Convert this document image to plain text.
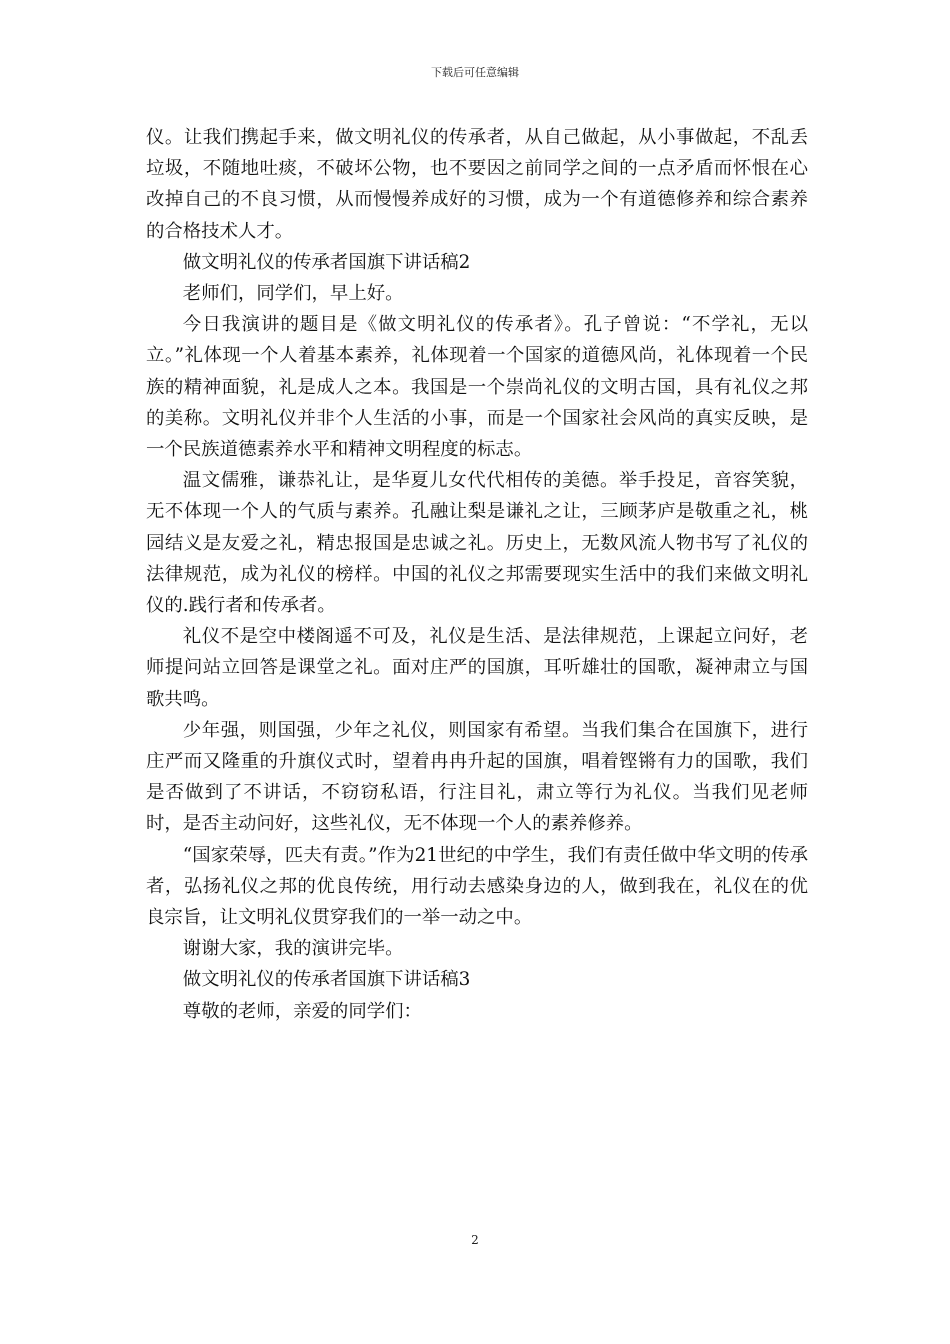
下载后可任意编辑

仪。让我们携起手来，做文明礼仪的传承者，从自己做起，从小事做起，不乱丢垃圾，不随地吐痰，不破坏公物，也不要因之前同学之间的一点矛盾而怀恨在心改掉自己的不良习惯，从而慢慢养成好的习惯，成为一个有道德修养和综合素养的合格技术人才。

做文明礼仪的传承者国旗下讲话稿2

老师们，同学们，早上好。

今日我演讲的题目是《做文明礼仪的传承者》。孔子曾说：“不学礼，无以立。”礼体现一个人着基本素养，礼体现着一个国家的道德风尚，礼体现着一个民族的精神面貌，礼是成人之本。我国是一个崇尚礼仪的文明古国，具有礼仪之邦的美称。文明礼仪并非个人生活的小事，而是一个国家社会风尚的真实反映，是一个民族道德素养水平和精神文明程度的标志。

温文儒雅，谦恭礼让，是华夏儿女代代相传的美德。举手投足，音容笑貌，无不体现一个人的气质与素养。孔融让梨是谦礼之让，三顾茅庐是敬重之礼，桃园结义是友爱之礼，精忠报国是忠诚之礼。历史上，无数风流人物书写了礼仪的法律规范，成为礼仪的榜样。中国的礼仪之邦需要现实生活中的我们来做文明礼仪的.践行者和传承者。

礼仪不是空中楼阁遥不可及，礼仪是生活、是法律规范，上课起立问好，老师提问站立回答是课堂之礼。面对庄严的国旗，耳听雄壮的国歌，凝神肃立与国歌共鸣。

少年强，则国强，少年之礼仪，则国家有希望。当我们集合在国旗下，进行庄严而又隆重的升旗仪式时，望着冉冉升起的国旗，唱着铿锵有力的国歌，我们是否做到了不讲话，不窃窃私语，行注目礼，肃立等行为礼仪。当我们见老师时，是否主动问好，这些礼仪，无不体现一个人的素养修养。

“国家荣辱，匹夫有责。”作为21世纪的中学生，我们有责任做中华文明的传承者，弘扬礼仪之邦的优良传统，用行动去感染身边的人，做到我在，礼仪在的优良宗旨，让文明礼仪贯穿我们的一举一动之中。

谢谢大家，我的演讲完毕。

做文明礼仪的传承者国旗下讲话稿3

尊敬的老师，亲爱的同学们：

2
